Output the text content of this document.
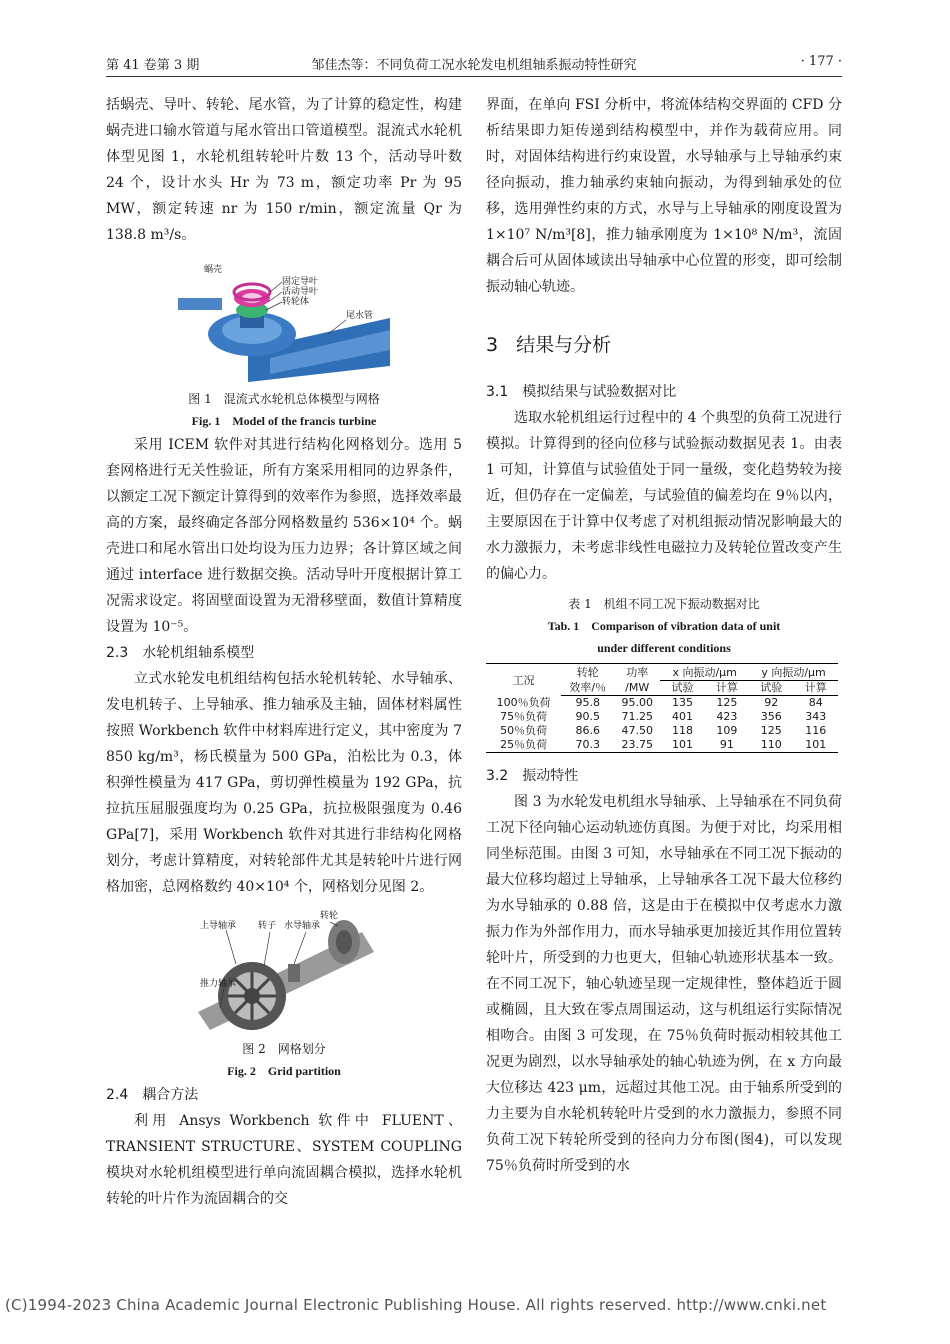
第 41 卷第 3 期	邹佳杰等：不同负荷工况水轮发电机组轴系振动特性研究	· 177 ·

括蜗壳、导叶、转轮、尾水管，为了计算的稳定性，构建蜗壳进口输水管道与尾水管出口管道模型。混流式水轮机体型见图 1，水轮机组转轮叶片数 13 个，活动导叶数 24 个，设计水头 Hr 为 73 m，额定功率 Pr 为 95 MW，额定转速 nr 为 150 r/min，额定流量 Qr 为 138.8 m³/s。

蜗壳
固定导叶
活动导叶
转轮体
尾水管

图 1　混流式水轮机总体模型与网格

Fig. 1　Model of the francis turbine

采用 ICEM 软件对其进行结构化网格划分。选用 5 套网格进行无关性验证，所有方案采用相同的边界条件，以额定工况下额定计算得到的效率作为参照，选择效率最高的方案，最终确定各部分网格数量约 536×10⁴ 个。蜗壳进口和尾水管出口处均设为压力边界；各计算区域之间通过 interface 进行数据交换。活动导叶开度根据计算工况需求设定。将固壁面设置为无滑移壁面，数值计算精度设置为 10⁻⁵。

2.3　水轮机组轴系模型

立式水轮发电机组结构包括水轮机转轮、水导轴承、发电机转子、上导轴承、推力轴承及主轴，固体材料属性按照 Workbench 软件中材料库进行定义，其中密度为 7 850 kg/m³，杨氏模量为 500 GPa，泊松比为 0.3，体积弹性模量为 417 GPa，剪切弹性模量为 192 GPa，抗拉抗压屈服强度均为 0.25 GPa，抗拉极限强度为 0.46 GPa[7]，采用 Workbench 软件对其进行非结构化网格划分，考虑计算精度，对转轮部件尤其是转轮叶片进行网格加密，总网格数约 40×10⁴ 个，网格划分见图 2。

转轮
上导轴承 转子 水导轴承
推力轴承

图 2　网格划分

Fig. 2　Grid partition

2.4　耦合方法

利用 Ansys Workbench 软件中 FLUENT、TRANSIENT STRUCTURE、SYSTEM COUPLING 模块对水轮机组模型进行单向流固耦合模拟，选择水轮机转轮的叶片作为流固耦合的交

界面，在单向 FSI 分析中，将流体结构交界面的 CFD 分析结果即力矩传递到结构模型中，并作为载荷应用。同时，对固体结构进行约束设置，水导轴承与上导轴承约束径向振动，推力轴承约束轴向振动，为得到轴承处的位移，选用弹性约束的方式，水导与上导轴承的刚度设置为 1×10⁷ N/m³[8]，推力轴承刚度为 1×10⁸ N/m³，流固耦合后可从固体域读出导轴承中心位置的形变，即可绘制振动轴心轨迹。

3 结果与分析

3.1　模拟结果与试验数据对比

选取水轮机组运行过程中的 4 个典型的负荷工况进行模拟。计算得到的径向位移与试验振动数据见表 1。由表 1 可知，计算值与试验值处于同一量级，变化趋势较为接近，但仍存在一定偏差，与试验值的偏差均在 9％以内，主要原因在于计算中仅考虑了对机组振动情况影响最大的水力激振力，未考虑非线性电磁拉力及转轮位置改变产生的偏心力。

表 1　机组不同工况下振动数据对比

Tab. 1　Comparison of vibration data of unit

under different conditions

工况	转轮	功率	x 向振动/μm		y 向振动/μm	
	效率/％	/MW	试验	计算	试验	计算
100％负荷	95.8	95.00	135	125	92	84
75％负荷	90.5	71.25	401	423	356	343
50％负荷	86.6	47.50	118	109	125	116
25％负荷	70.3	23.75	101	91	110	101

3.2　振动特性

图 3 为水轮发电机组水导轴承、上导轴承在不同负荷工况下径向轴心运动轨迹仿真图。为便于对比，均采用相同坐标范围。由图 3 可知，水导轴承在不同工况下振动的最大位移均超过上导轴承，上导轴承各工况下最大位移约为水导轴承的 0.88 倍，这是由于在模拟中仅考虑水力激振力作为外部作用力，而水导轴承更加接近其作用位置转轮叶片，所受到的力也更大，但轴心轨迹形状基本一致。在不同工况下，轴心轨迹呈现一定规律性，整体趋近于圆或椭圆，且大致在零点周围运动，这与机组运行实际情况相吻合。由图 3 可发现，在 75％负荷时振动相较其他工况更为剧烈，以水导轴承处的轴心轨迹为例，在 x 方向最大位移达 423 μm，远超过其他工况。由于轴系所受到的力主要为自水轮机转轮叶片受到的水力激振力，参照不同负荷工况下转轮所受到的径向力分布图(图4)，可以发现75％负荷时所受到的水

(C)1994-2023 China Academic Journal Electronic Publishing House. All rights reserved. http://www.cnki.net
